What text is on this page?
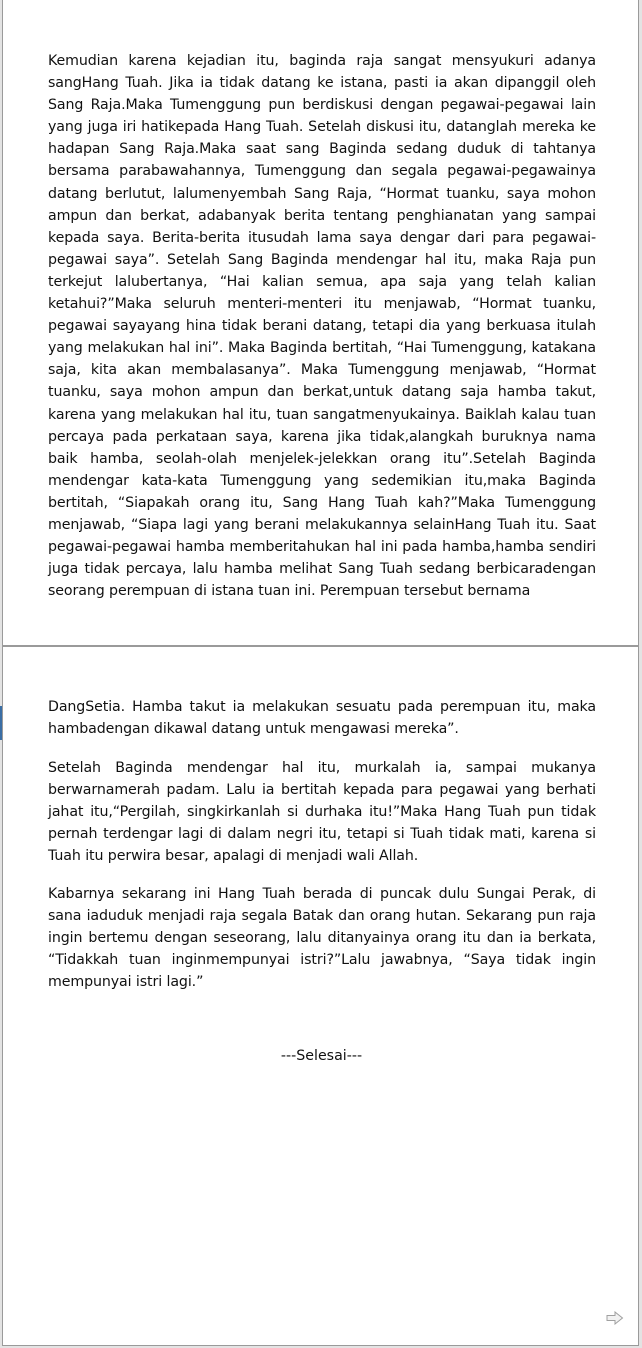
Kemudian karena kejadian itu, baginda raja sangat mensyukuri adanya sangHang Tuah. Jika ia tidak datang ke istana, pasti ia akan dipanggil oleh Sang Raja.Maka Tumenggung pun berdiskusi dengan pegawai-pegawai lain yang juga iri hatikepada Hang Tuah. Setelah diskusi itu, datanglah mereka ke hadapan Sang Raja.Maka saat sang Baginda sedang duduk di tahtanya bersama parabawahannya, Tumenggung dan segala pegawai-pegawainya datang berlutut, lalumenyembah Sang Raja, “Hormat tuanku, saya mohon ampun dan berkat, adabanyak berita tentang penghianatan yang sampai kepada saya. Berita-berita itusudah lama saya dengar dari para pegawai-pegawai saya”. Setelah Sang Baginda mendengar hal itu, maka Raja pun terkejut lalubertanya, “Hai kalian semua, apa saja yang telah kalian ketahui?”Maka seluruh menteri-menteri itu menjawab, “Hormat tuanku, pegawai sayayang hina tidak berani datang, tetapi dia yang berkuasa itulah yang melakukan hal ini”. Maka Baginda bertitah, “Hai Tumenggung, katakana saja, kita akan membalasanya”. Maka Tumenggung menjawab, “Hormat tuanku, saya mohon ampun dan berkat,untuk datang saja hamba takut, karena yang melakukan hal itu, tuan sangatmenyukainya. Baiklah kalau tuan percaya pada perkataan saya, karena jika tidak,alangkah buruknya nama baik hamba, seolah-olah menjelek-jelekkan orang itu”.Setelah Baginda mendengar kata-kata Tumenggung yang sedemikian itu,maka Baginda bertitah, “Siapakah orang itu, Sang Hang Tuah kah?”Maka Tumenggung menjawab, “Siapa lagi yang berani melakukannya selainHang Tuah itu. Saat pegawai-pegawai hamba memberitahukan hal ini pada hamba,hamba sendiri juga tidak percaya, lalu hamba melihat Sang Tuah sedang berbicaradengan seorang perempuan di istana tuan ini. Perempuan tersebut bernama

DangSetia. Hamba takut ia melakukan sesuatu pada perempuan itu, maka hambadengan dikawal datang untuk mengawasi mereka”.

Setelah Baginda mendengar hal itu, murkalah ia, sampai mukanya berwarnamerah padam. Lalu ia bertitah kepada para pegawai yang berhati jahat itu,“Pergilah, singkirkanlah si durhaka itu!”Maka Hang Tuah pun tidak pernah terdengar lagi di dalam negri itu, tetapi si Tuah tidak mati, karena si Tuah itu perwira besar, apalagi di menjadi wali Allah.

Kabarnya sekarang ini Hang Tuah berada di puncak dulu Sungai Perak, di sana iaduduk menjadi raja segala Batak dan orang hutan. Sekarang pun raja ingin bertemu dengan seseorang, lalu ditanyainya orang itu dan ia berkata, “Tidakkah tuan inginmempunyai istri?”Lalu jawabnya, “Saya tidak ingin mempunyai istri lagi.”

---Selesai---
